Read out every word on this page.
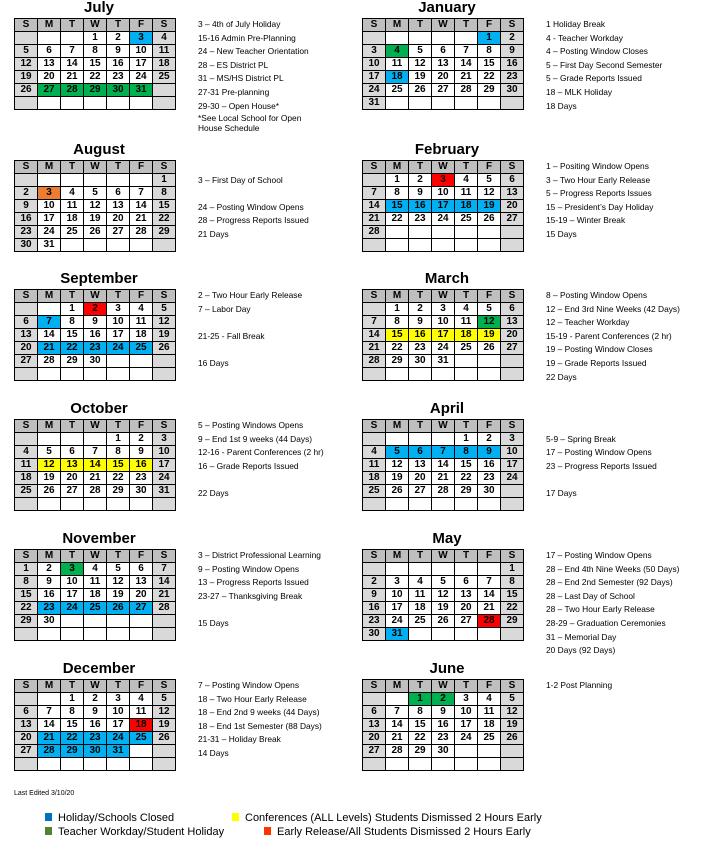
July
S	M	T	W	T	F	S
			1	2	3	4
5	6	7	8	9	10	11
12	13	14	15	16	17	18
19	20	21	22	23	24	25
26	27	28	29	30	31	

3 – 4th of July Holiday
15-16 Admin Pre-Planning
24 – New Teacher Orientation
28 – ES District PL
31 – MS/HS District PL
27-31 Pre-planning
29-30 – Open House*
*See Local School for Open House Schedule
January
S	M	T	W	T	F	S
					1	2
3	4	5	6	7	8	9
10	11	12	13	14	15	16
17	18	19	20	21	22	23
24	25	26	27	28	29	30
31						
1 Holiday Break
4 - Teacher Workday
4 – Posting Window Closes
5 – First Day Second Semester
5 – Grade Reports Issued
18 – MLK Holiday
18 Days
August
S	M	T	W	T	F	S
						1
2	3	4	5	6	7	8
9	10	11	12	13	14	15
16	17	18	19	20	21	22
23	24	25	26	27	28	29
30	31					

3 – First Day of School

24 – Posting Window Opens
28 – Progress Reports Issued
21 Days
February
S	M	T	W	T	F	S
	1	2	3	4	5	6
7	8	9	10	11	12	13
14	15	16	17	18	19	20
21	22	23	24	25	26	27
28						

1 – Positing Window Opens
3 – Two Hour Early Release
5 – Progress Reports Issues
15 – President’s Day Holiday
15-19 – Winter Break
15 Days
September
S	M	T	W	T	F	S
		1	2	3	4	5
6	7	8	9	10	11	12
13	14	15	16	17	18	19
20	21	22	23	24	25	26
27	28	29	30			

2 – Two Hour Early Release
7 – Labor Day

21-25 - Fall Break

16 Days
March
S	M	T	W	T	F	S
	1	2	3	4	5	6
7	8	9	10	11	12	13
14	15	16	17	18	19	20
21	22	23	24	25	26	27
28	29	30	31			

8 – Posting Window Opens
12 – End 3rd Nine Weeks (42 Days)
12 – Teacher Workday
15-19 - Parent Conferences (2 hr)
19 – Posting Window Closes
19 – Grade Reports Issued
22 Days
October
S	M	T	W	T	F	S
				1	2	3
4	5	6	7	8	9	10
11	12	13	14	15	16	17
18	19	20	21	22	23	24
25	26	27	28	29	30	31

5 – Posting Windows Opens
9 – End 1st 9 weeks (44 Days)
12-16 - Parent Conferences (2 hr)
16 – Grade Reports Issued

22 Days
April
S	M	T	W	T	F	S
				1	2	3
4	5	6	7	8	9	10
11	12	13	14	15	16	17
18	19	20	21	22	23	24
25	26	27	28	29	30	

5-9 – Spring Break
17 – Posting Window Opens
23 – Progress Reports Issued

17 Days
November
S	M	T	W	T	F	S
1	2	3	4	5	6	7
8	9	10	11	12	13	14
15	16	17	18	19	20	21
22	23	24	25	26	27	28
29	30					

3 – District Professional Learning
9 – Posting Window Opens
13 – Progress Reports Issued
23-27 – Thanksgiving Break

15 Days
May
S	M	T	W	T	F	S
						1
2	3	4	5	6	7	8
9	10	11	12	13	14	15
16	17	18	19	20	21	22
23	24	25	26	27	28	29
30	31					
17 – Posting Window Opens
28 – End 4th Nine Weeks (50 Days)
28 – End 2nd Semester (92 Days)
28 – Last Day of School
28 – Two Hour Early Release
28-29 – Graduation Ceremonies
31 – Memorial Day
20 Days (92 Days)
December
S	M	T	W	T	F	S
		1	2	3	4	5
6	7	8	9	10	11	12
13	14	15	16	17	18	19
20	21	22	23	24	25	26
27	28	29	30	31		

7 – Posting Window Opens
18 – Two Hour Early Release
18 – End 2nd 9 weeks (44 Days)
18 – End 1st Semester (88 Days)
21-31 – Holiday Break
14 Days
June
S	M	T	W	T	F	S
		1	2	3	4	5
6	7	8	9	10	11	12
13	14	15	16	17	18	19
20	21	22	23	24	25	26
27	28	29	30			

1-2 Post Planning
Last Edited 3/10/20
Holiday/Schools Closed	Conferences (ALL Levels) Students Dismissed 2 Hours Early
Teacher Workday/Student Holiday	Early Release/All Students Dismissed 2 Hours Early
